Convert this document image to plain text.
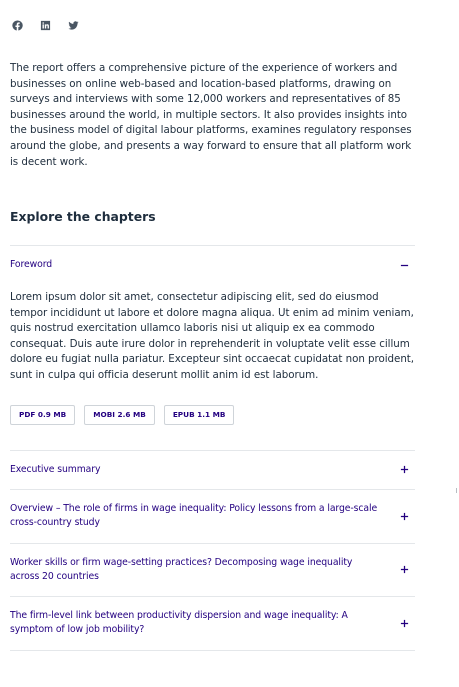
The report offers a comprehensive picture of the experience of workers and businesses on online web-based and location-based platforms, drawing on surveys and interviews with some 12,000 workers and representatives of 85 businesses around the world, in multiple sectors. It also provides insights into the business model of digital labour platforms, examines regulatory responses around the globe, and presents a way forward to ensure that all platform work is decent work.

Explore the chapters
Foreword

Lorem ipsum dolor sit amet, consectetur adipiscing elit, sed do eiusmod tempor incididunt ut labore et dolore magna aliqua. Ut enim ad minim veniam, quis nostrud exercitation ullamco laboris nisi ut aliquip ex ea commodo consequat. Duis aute irure dolor in reprehenderit in voluptate velit esse cillum dolore eu fugiat nulla pariatur. Excepteur sint occaecat cupidatat non proident, sunt in culpa qui officia deserunt mollit anim id est laborum.

PDF 0.9 MB	MOBI 2.6 MB	EPUB 1.1 MB
Executive summary
Overview – The role of firms in wage inequality: Policy lessons from a large-scale cross-country study
Worker skills or firm wage-setting practices? Decomposing wage inequality across 20 countries
The firm-level link between productivity dispersion and wage inequality: A symptom of low job mobility?
